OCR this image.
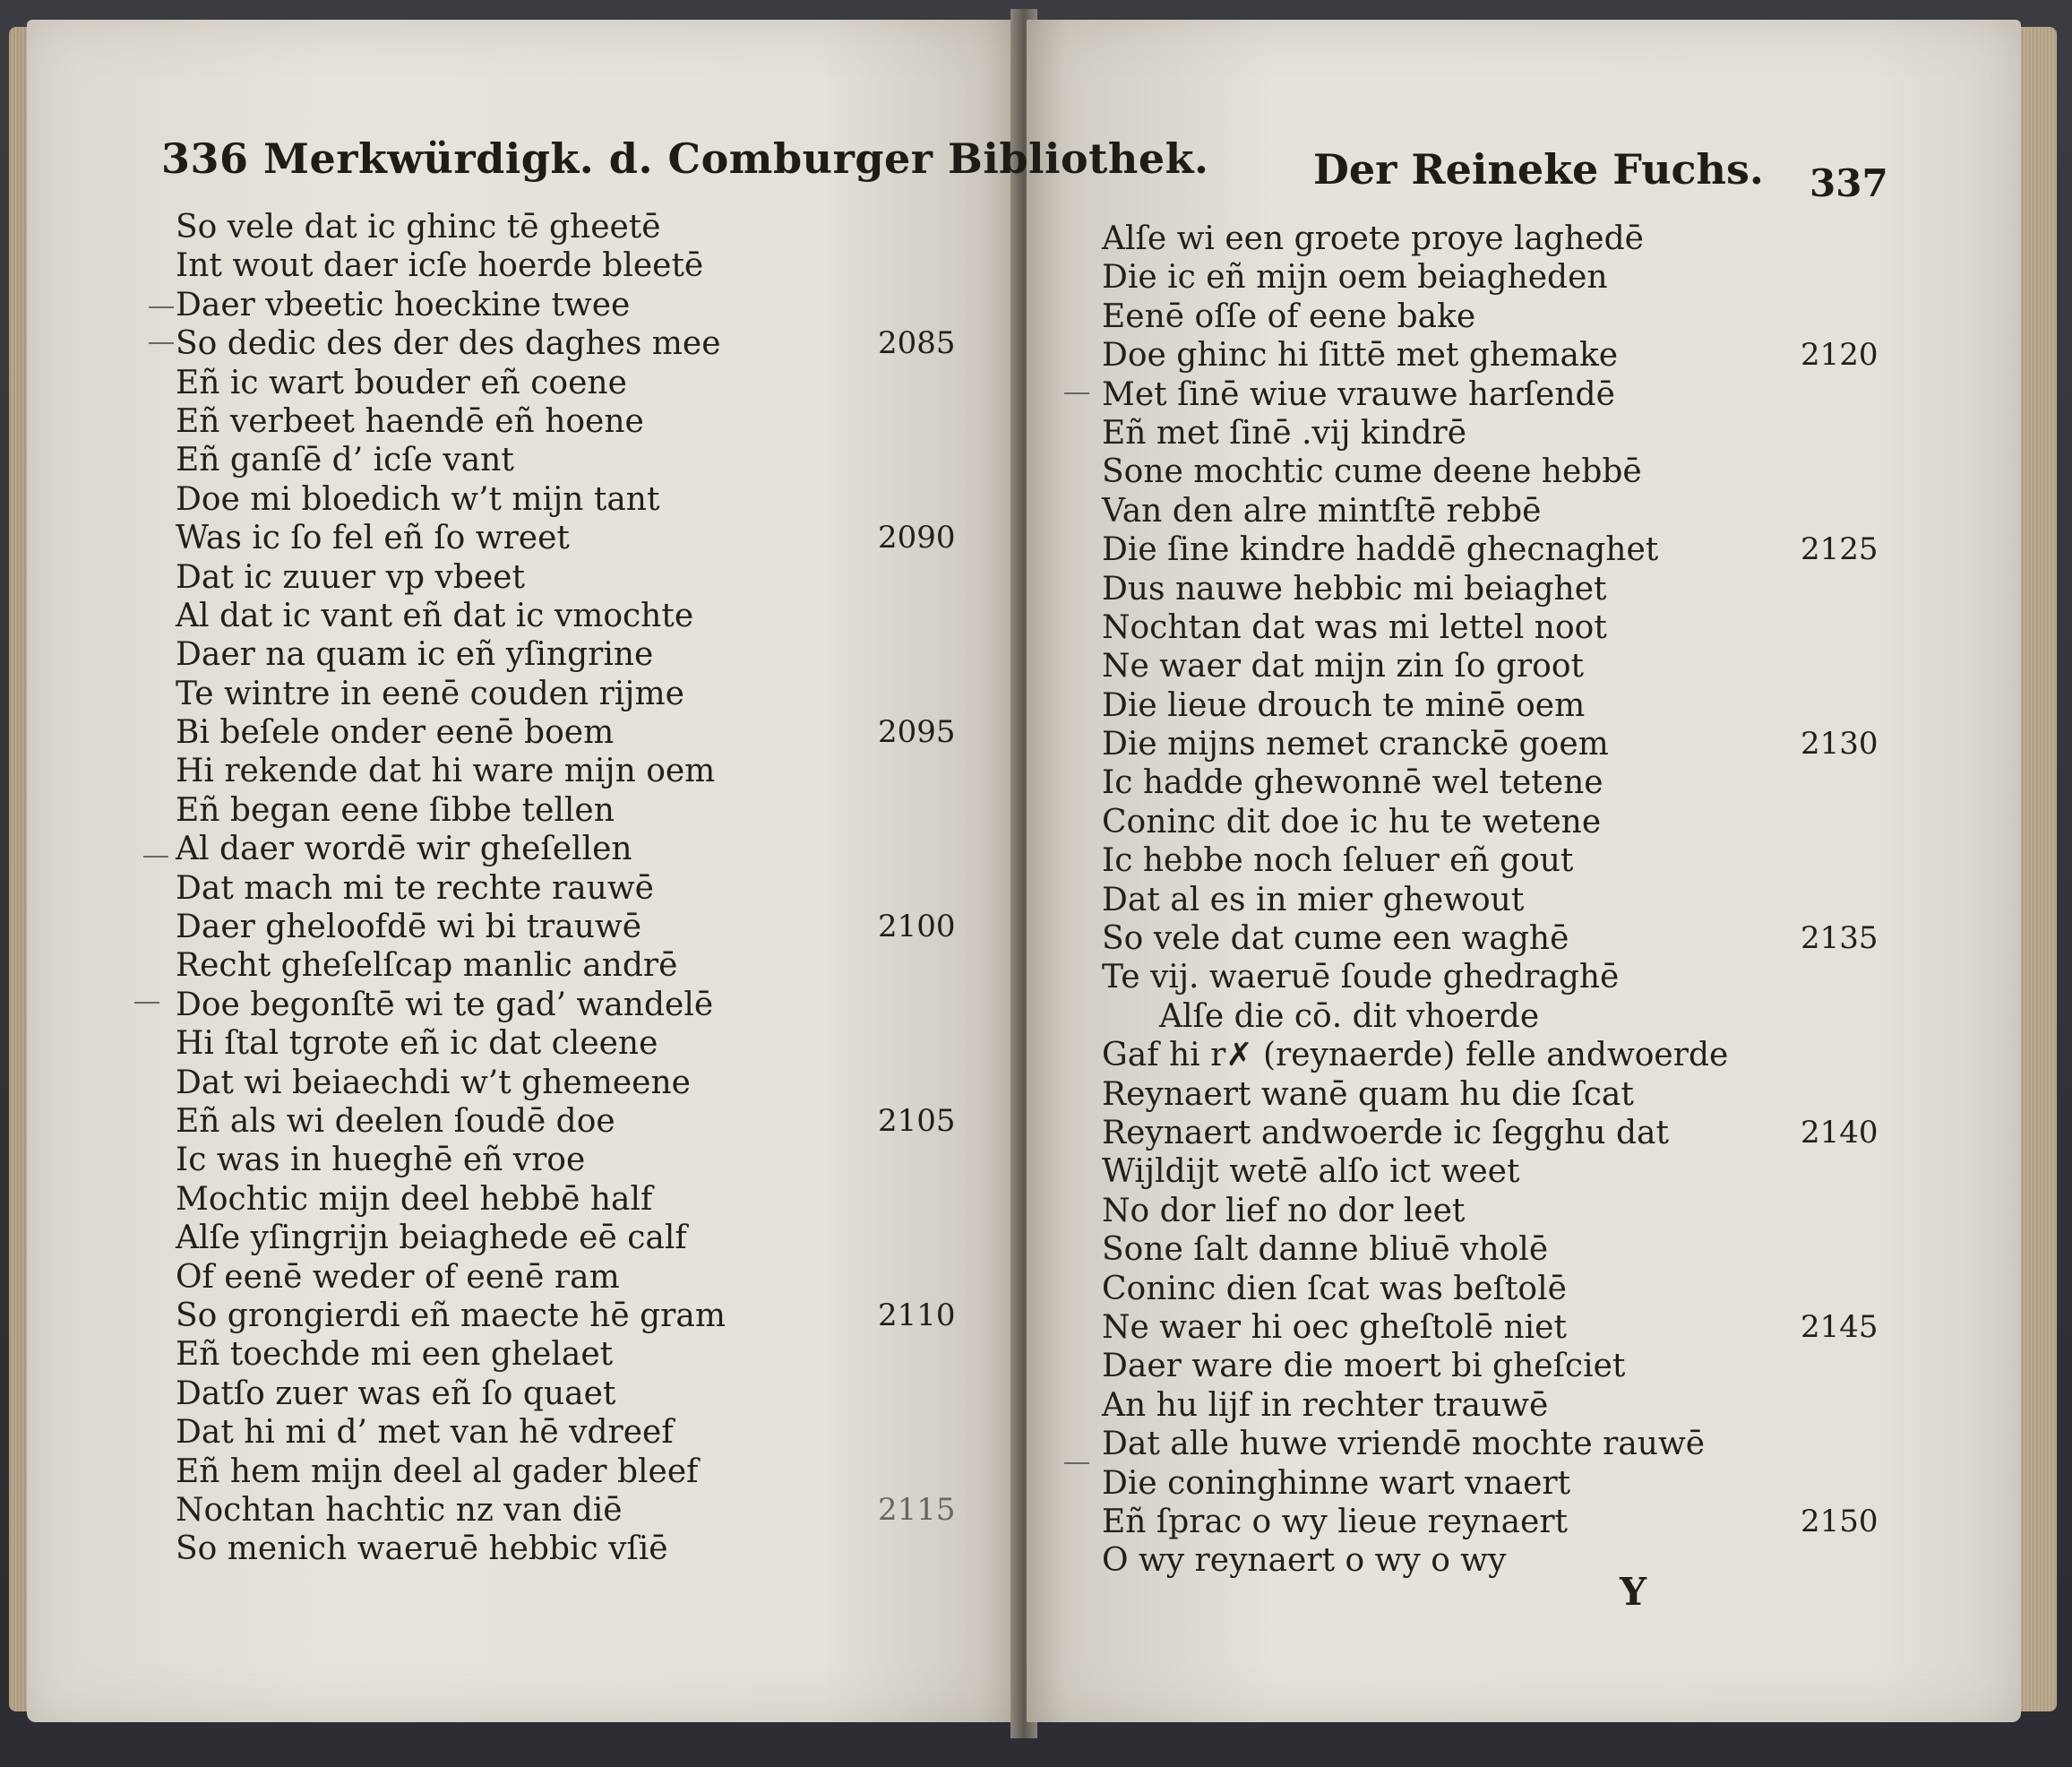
336 Merkwürdigk. d. Comburger Bibliothek.	Der Reineke Fuchs. 337
So vele dat ic ghinc tē gheetē
Int wout daer icſe hoerde bleetē
Daer ᴠbeetic hoeckine twee
So dedic des der des daghes mee	2085
Eñ ic wart bouder eñ coene
Eñ verbeet haendē eñ hoene
Eñ ganſē d’ icſe vant
Doe mi bloedich w’t mijn tant
Was ic ſo fel eñ ſo wreet	2090
Dat ic zuuer vp ᴠbeet
Al dat ic vant eñ dat ic ᴠmochte
Daer na quam ic eñ yſingrine
Te wintre in eenē couden rijme
Bi beſele onder eenē boem	2095
Hi rekende dat hi ware mijn oem
Eñ began eene ſibbe tellen
Al daer wordē wir gheſellen
Dat mach mi te rechte rauwē
Daer gheloofdē wi bi trauwē	2100
Recht gheſelſcap manlic andrē
Doe begonſtē wi te gad’ wandelē
Hi ſtal tgrote eñ ic dat cleene
Dat wi beiaechdi w’t ghemeene
Eñ als wi deelen ſoudē doe	2105
Ic was in hueghē eñ vroe
Mochtic mijn deel hebbē half
Alſe yſingrijn beiaghede eē calf
Of eenē weder of eenē ram
So grongierdi eñ maecte hē gram	2110
Eñ toechde mi een ghelaet
Datſo zuer was eñ ſo quaet
Dat hi mi d’ met van hē ᴠdreef
Eñ hem mijn deel al gader bleef
Nochtan hachtic nz van diē	2115
So menich waeruē hebbic ᴠſiē
Alſe wi een groete proye laghedē
Die ic eñ mijn oem beiagheden
Eenē oſſe of eene bake
Doe ghinc hi ſittē met ghemake	2120
Met ſinē wiue vrauwe harſendē
Eñ met ſinē .vij kindrē
Sone mochtic cume deene hebbē
Van den alre mintſtē rebbē
Die ſine kindre haddē ghecnaghet	2125
Dus nauwe hebbic mi beiaghet
Nochtan dat was mi lettel noot
Ne waer dat mijn zin ſo groot
Die lieue drouch te minē oem
Die mijns nemet cranckē goem	2130
Ic hadde ghewonnē wel tetene
Coninc dit doe ic hu te wetene
Ic hebbe noch ſeluer eñ gout
Dat al es in mier ghewout
So vele dat cume een waghē	2135
Te vij. waeruē ſoude ghedraghē
Alſe die cō. dit ᴠhoerde
Gaf hi r✗ (reynaerde) felle andwoerde
Reynaert wanē quam hu die ſcat
Reynaert andwoerde ic ſegghu dat	2140
Wijldijt wetē alſo ict weet
No dor lief no dor leet
Sone ſalt danne bliuē ᴠholē
Coninc dien ſcat was beſtolē
Ne waer hi oec gheſtolē niet	2145
Daer ware die moert bi gheſciet
An hu lijf in rechter trauwē
Dat alle huwe vriendē mochte rauwē
Die coninghinne wart ᴠnaert
Eñ ſprac o wy lieue reynaert	2150
O wy reynaert o wy o wy
Y
